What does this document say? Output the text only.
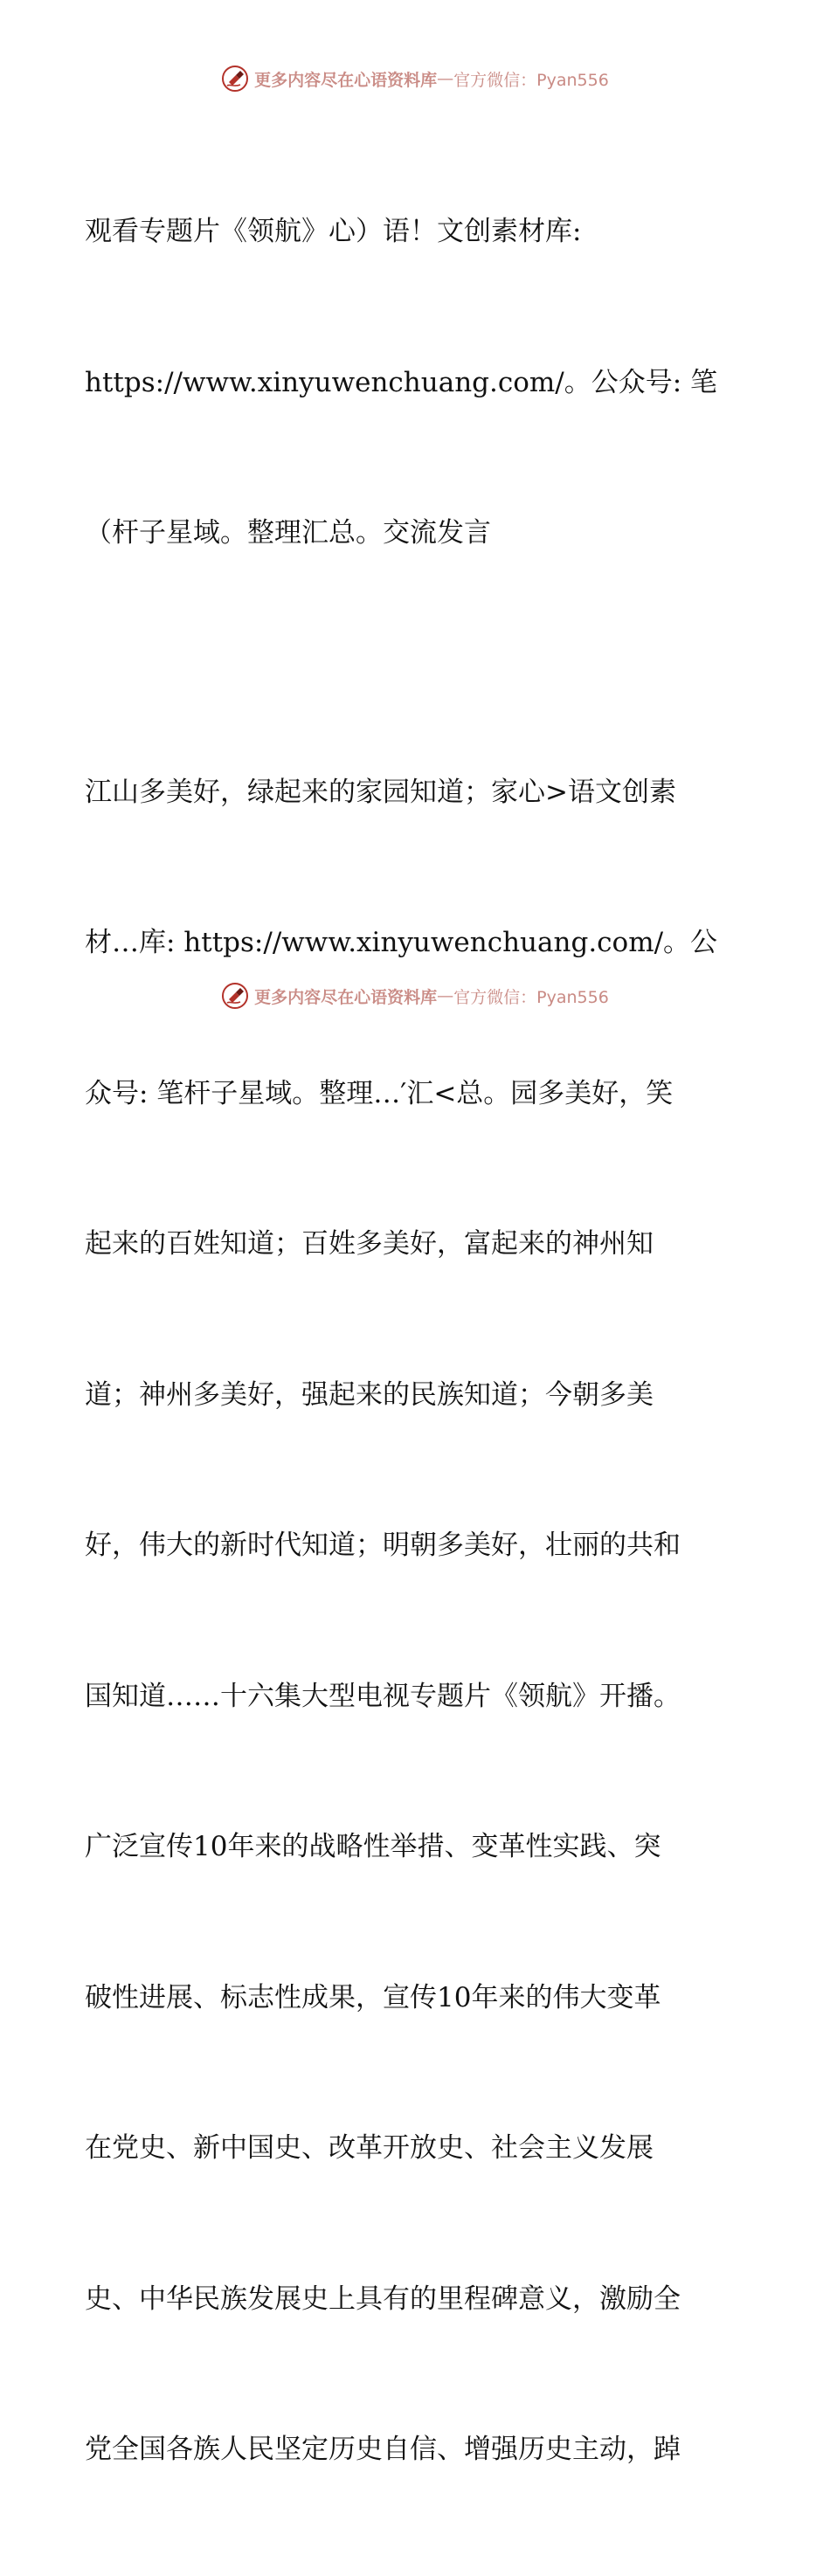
更多内容尽在心语资料库 — 官方微信：Pyan556

观看专题片《领航》心）语！文创素材库:

https://www.xinyuwenchuang.com/。公众号: 笔

（杆子星域。整理汇总。交流发言

江山多美好，绿起来的家园知道；家心>语文创素

材…库: https://www.xinyuwenchuang.com/。公

众号: 笔杆子星域。整理…′汇<总。园多美好，笑

起来的百姓知道；百姓多美好，富起来的神州知

道；神州多美好，强起来的民族知道；今朝多美

好，伟大的新时代知道；明朝多美好，壮丽的共和

国知道……十六集大型电视专题片《领航》开播。

广泛宣传10年来的战略性举措、变革性实践、突

破性进展、标志性成果，宣传10年来的伟大变革

在党史、新中国史、改革开放史、社会主义发展

史、中华民族发展史上具有的里程碑意义，激励全

党全国各族人民坚定历史自信、增强历史主动，踔

更多内容尽在心语资料库 — 官方微信：Pyan556
